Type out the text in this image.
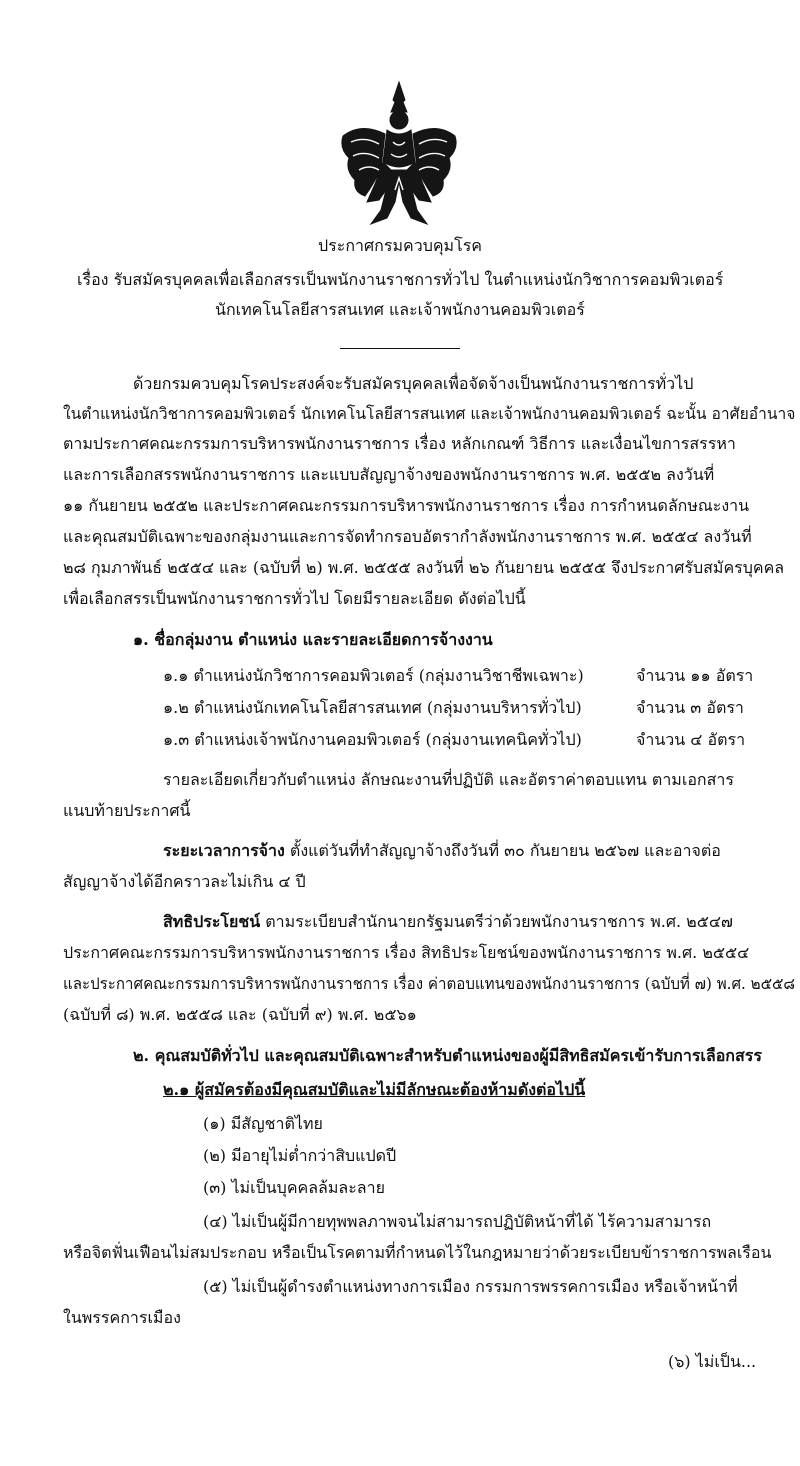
ประกาศกรมควบคุมโรค
เรื่อง รับสมัครบุคคลเพื่อเลือกสรรเป็นพนักงานราชการทั่วไป ในตำแหน่งนักวิชาการคอมพิวเตอร์
นักเทคโนโลยีสารสนเทศ และเจ้าพนักงานคอมพิวเตอร์
ด้วยกรมควบคุมโรคประสงค์จะรับสมัครบุคคลเพื่อจัดจ้างเป็นพนักงานราชการทั่วไป
ในตำแหน่งนักวิชาการคอมพิวเตอร์ นักเทคโนโลยีสารสนเทศ และเจ้าพนักงานคอมพิวเตอร์ ฉะนั้น อาศัยอำนาจ
ตามประกาศคณะกรรมการบริหารพนักงานราชการ เรื่อง หลักเกณฑ์ วิธีการ และเงื่อนไขการสรรหา
และการเลือกสรรพนักงานราชการ และแบบสัญญาจ้างของพนักงานราชการ พ.ศ. ๒๕๕๒ ลงวันที่
๑๑ กันยายน ๒๕๕๒ และประกาศคณะกรรมการบริหารพนักงานราชการ เรื่อง การกำหนดลักษณะงาน
และคุณสมบัติเฉพาะของกลุ่มงานและการจัดทำกรอบอัตรากำลังพนักงานราชการ พ.ศ. ๒๕๕๔ ลงวันที่
๒๘ กุมภาพันธ์ ๒๕๕๔ และ (ฉบับที่ ๒) พ.ศ. ๒๕๕๕ ลงวันที่ ๒๖ กันยายน ๒๕๕๕ จึงประกาศรับสมัครบุคคล
เพื่อเลือกสรรเป็นพนักงานราชการทั่วไป โดยมีรายละเอียด ดังต่อไปนี้
๑. ชื่อกลุ่มงาน ตำแหน่ง และรายละเอียดการจ้างงาน
๑.๑ ตำแหน่งนักวิชาการคอมพิวเตอร์ (กลุ่มงานวิชาชีพเฉพาะ)	จำนวน ๑๑ อัตรา
๑.๒ ตำแหน่งนักเทคโนโลยีสารสนเทศ (กลุ่มงานบริหารทั่วไป)	จำนวน ๓ อัตรา
๑.๓ ตำแหน่งเจ้าพนักงานคอมพิวเตอร์ (กลุ่มงานเทคนิคทั่วไป)	จำนวน ๔ อัตรา
รายละเอียดเกี่ยวกับตำแหน่ง ลักษณะงานที่ปฏิบัติ และอัตราค่าตอบแทน ตามเอกสาร
แนบท้ายประกาศนี้
ระยะเวลาการจ้าง ตั้งแต่วันที่ทำสัญญาจ้างถึงวันที่ ๓๐ กันยายน ๒๕๖๗ และอาจต่อ
สัญญาจ้างได้อีกคราวละไม่เกิน ๔ ปี
สิทธิประโยชน์ ตามระเบียบสำนักนายกรัฐมนตรีว่าด้วยพนักงานราชการ พ.ศ. ๒๕๔๗
ประกาศคณะกรรมการบริหารพนักงานราชการ เรื่อง สิทธิประโยชน์ของพนักงานราชการ พ.ศ. ๒๕๕๔
และประกาศคณะกรรมการบริหารพนักงานราชการ เรื่อง ค่าตอบแทนของพนักงานราชการ (ฉบับที่ ๗) พ.ศ. ๒๕๕๘
(ฉบับที่ ๘) พ.ศ. ๒๕๕๘ และ (ฉบับที่ ๙) พ.ศ. ๒๕๖๑
๒. คุณสมบัติทั่วไป และคุณสมบัติเฉพาะสำหรับตำแหน่งของผู้มีสิทธิสมัครเข้ารับการเลือกสรร
๒.๑ ผู้สมัครต้องมีคุณสมบัติและไม่มีลักษณะต้องห้ามดังต่อไปนี้
(๑) มีสัญชาติไทย
(๒) มีอายุไม่ต่ำกว่าสิบแปดปี
(๓) ไม่เป็นบุคคลล้มละลาย
(๔) ไม่เป็นผู้มีกายทุพพลภาพจนไม่สามารถปฏิบัติหน้าที่ได้ ไร้ความสามารถ
หรือจิตฟั่นเฟือนไม่สมประกอบ หรือเป็นโรคตามที่กำหนดไว้ในกฎหมายว่าด้วยระเบียบข้าราชการพลเรือน
(๕) ไม่เป็นผู้ดำรงตำแหน่งทางการเมือง กรรมการพรรคการเมือง หรือเจ้าหน้าที่
ในพรรคการเมือง
(๖) ไม่เป็น...
